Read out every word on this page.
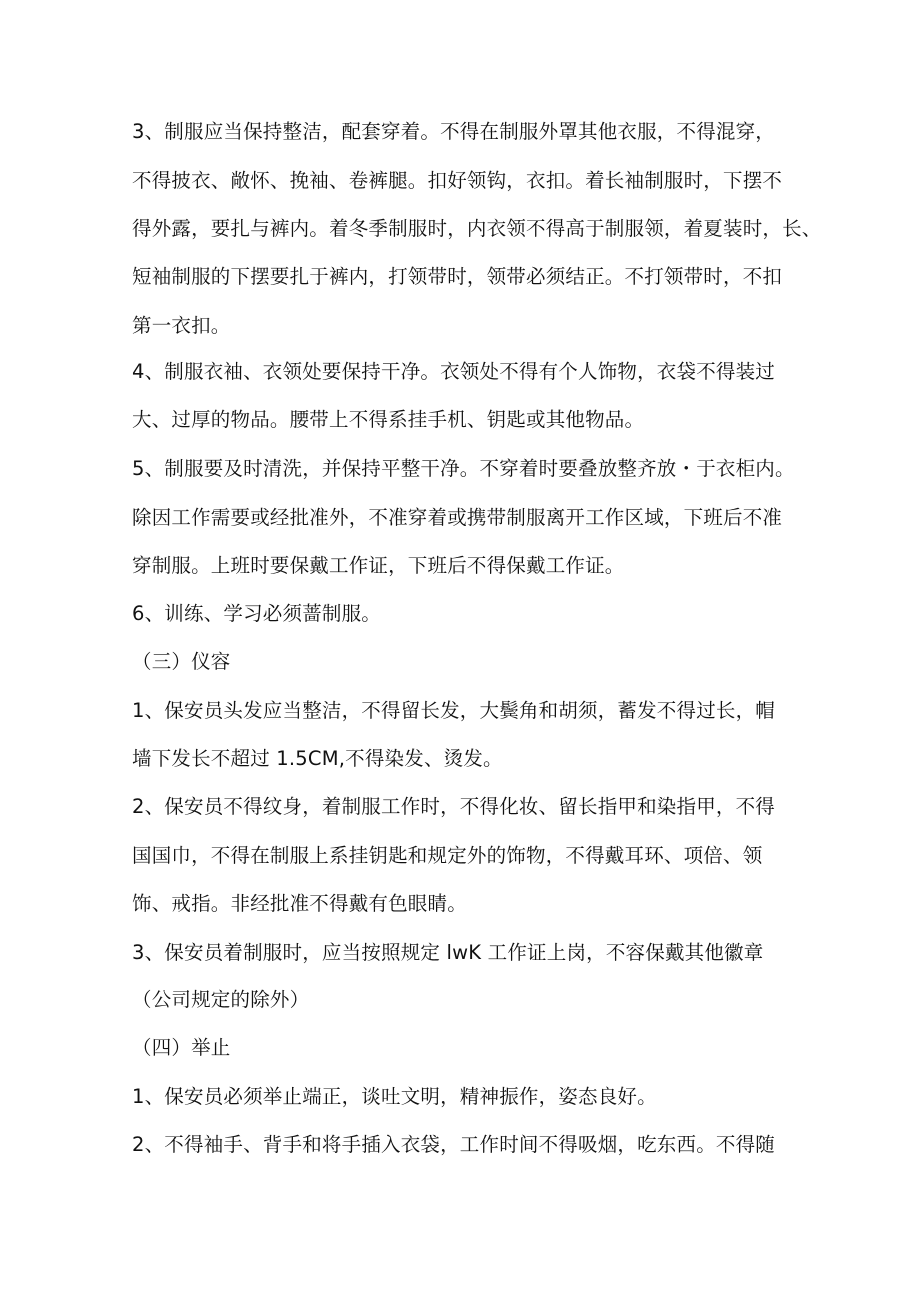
3、制服应当保持整洁，配套穿着。不得在制服外罩其他衣服，不得混穿，
不得披衣、敞怀、挽袖、卷裤腿。扣好领钩，衣扣。着长袖制服时，下摆不
得外露，要扎与裤内。着冬季制服时，内衣领不得高于制服领，着夏装时，长、
短袖制服的下摆要扎于裤内，打领带时，领带必须结正。不打领带时，不扣
第一衣扣。
4、制服衣袖、衣领处要保持干净。衣领处不得有个人饰物，衣袋不得装过
大、过厚的物品。腰带上不得系挂手机、钥匙或其他物品。
5、制服要及时清洗，并保持平整干净。不穿着时要叠放整齐放・于衣柜内。
除因工作需要或经批准外，不准穿着或携带制服离开工作区域，下班后不准
穿制服。上班时要保戴工作证，下班后不得保戴工作证。
6、训练、学习必须蔷制服。
（三）仪容
1、保安员头发应当整洁，不得留长发，大鬓角和胡须，蓄发不得过长，帽
墙下发长不超过 1.5CM,不得染发、烫发。
2、保安员不得纹身，着制服工作时，不得化妆、留长指甲和染指甲，不得
国国巾，不得在制服上系挂钥匙和规定外的饰物，不得戴耳环、项倍、领
饰、戒指。非经批准不得戴有色眼睛。
3、保安员着制服时，应当按照规定 lwK 工作证上岗，不容保戴其他徽章
（公司规定的除外）
（四）举止
1、保安员必须举止端正，谈吐文明，精神振作，姿态良好。
2、不得袖手、背手和将手插入衣袋，工作时间不得吸烟，吃东西。不得随
